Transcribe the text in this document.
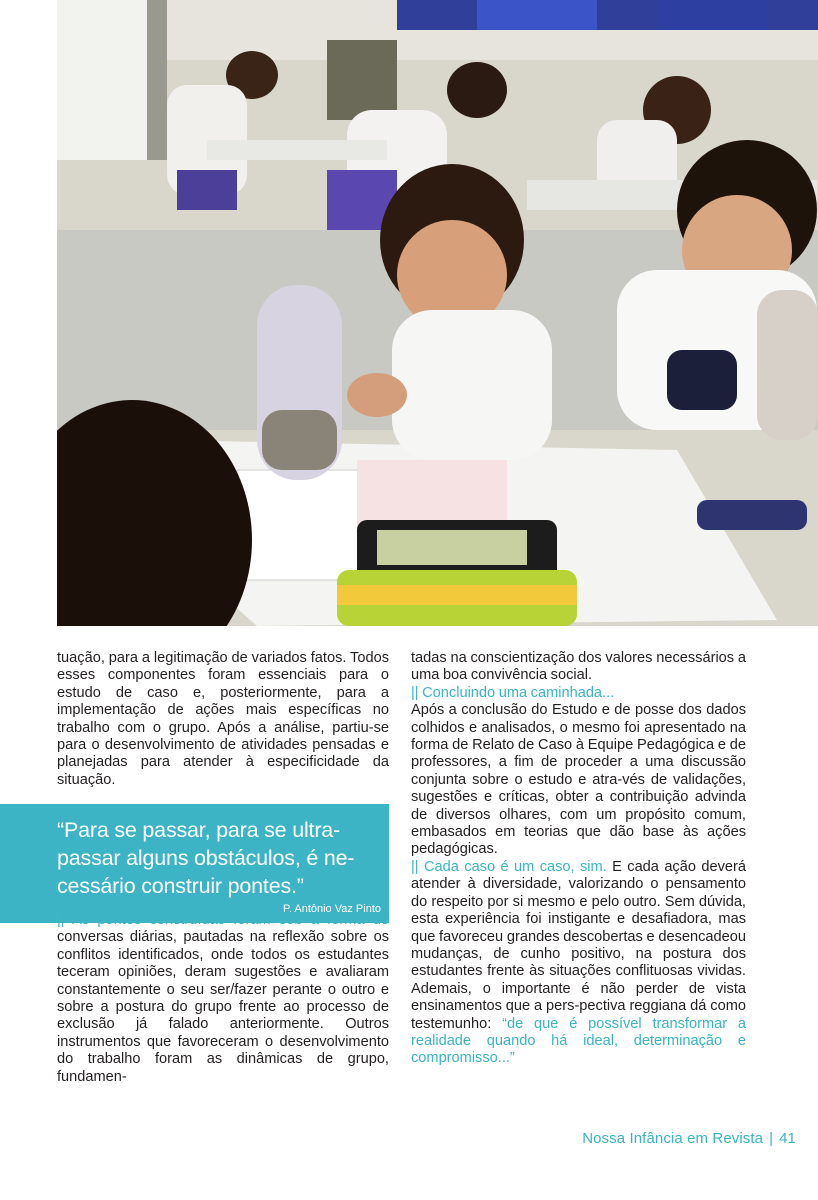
tuação, para a legitimação de variados fatos. Todos esses componentes foram essenciais para o estudo de caso e, posteriormente, para a implementação de ações mais específicas no trabalho com o grupo. Após a análise, partiu-se para o desenvolvimento de atividades pensadas e planejadas para atender à especificidade da situação.

“Para se passar, para se ultra-passar alguns obstáculos, é ne-cessário construir pontes.”

P. Antônio Vaz Pinto

|| As pontes construídas foram sob a forma de conversas diárias, pautadas na reflexão sobre os conflitos identificados, onde todos os estudantes teceram opiniões, deram sugestões e avaliaram constantemente o seu ser/fazer perante o outro e sobre a postura do grupo frente ao processo de exclusão já falado anteriormente. Outros instrumentos que favoreceram o desenvolvimento do trabalho foram as dinâmicas de grupo, fundamen-

tadas na conscientização dos valores necessários a uma boa convivência social.

|| Concluindo uma caminhada...

Após a conclusão do Estudo e de posse dos dados colhidos e analisados, o mesmo foi apresentado na forma de Relato de Caso à Equipe Pedagógica e de professores, a fim de proceder a uma discussão conjunta sobre o estudo e atra-vés de validações, sugestões e críticas, obter a contribuição advinda de diversos olhares, com um propósito comum, embasados em teorias que dão base às ações pedagógicas.

|| Cada caso é um caso, sim. E cada ação deverá atender à diversidade, valorizando o pensamento do respeito por si mesmo e pelo outro. Sem dúvida, esta experiência foi instigante e desafiadora, mas que favoreceu grandes descobertas e desencadeou mudanças, de cunho positivo, na postura dos estudantes frente às situações conflituosas vividas. Ademais, o importante é não perder de vista ensinamentos que a pers-pectiva reggiana dá como testemunho: “de que é possível transformar a realidade quando há ideal, determinação e compromisso...”

Nossa Infância em Revista | 41
